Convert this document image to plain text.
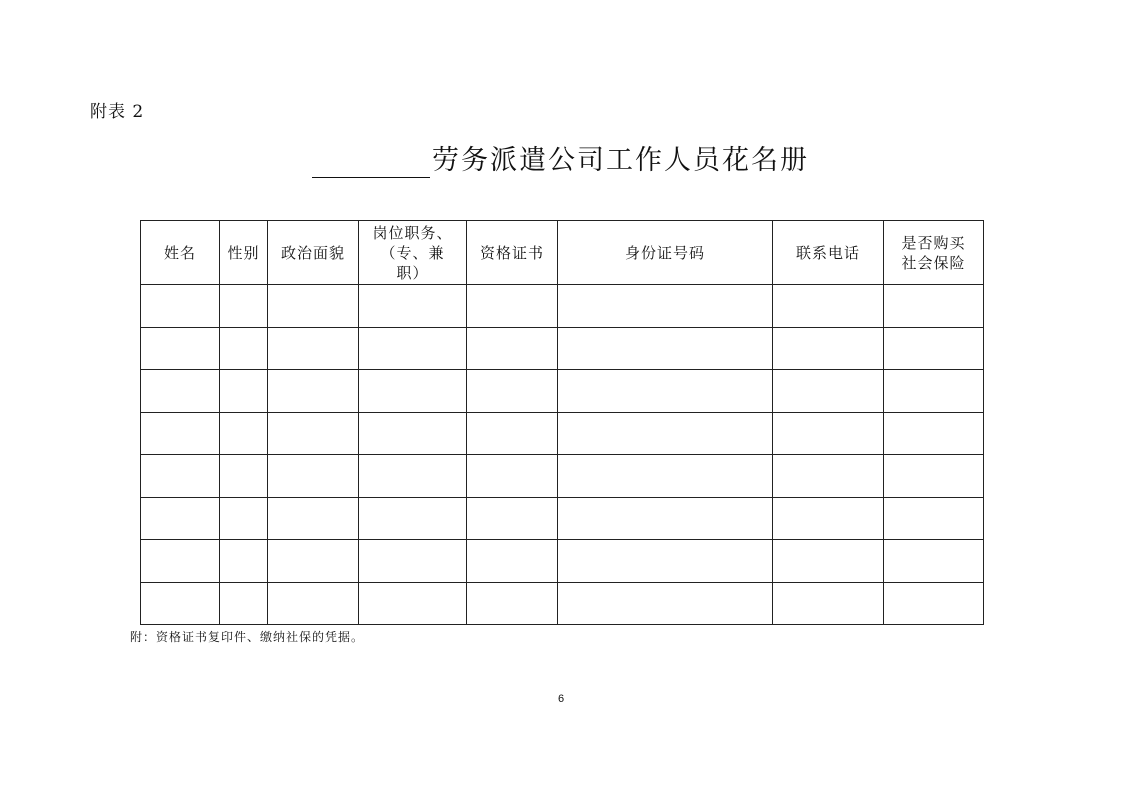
附表 2
劳务派遣公司工作人员花名册
姓名	性别	政治面貌	岗位职务、（专、兼职）	资格证书	身份证号码	联系电话	是否购买社会保险

附：资格证书复印件、缴纳社保的凭据。
6
